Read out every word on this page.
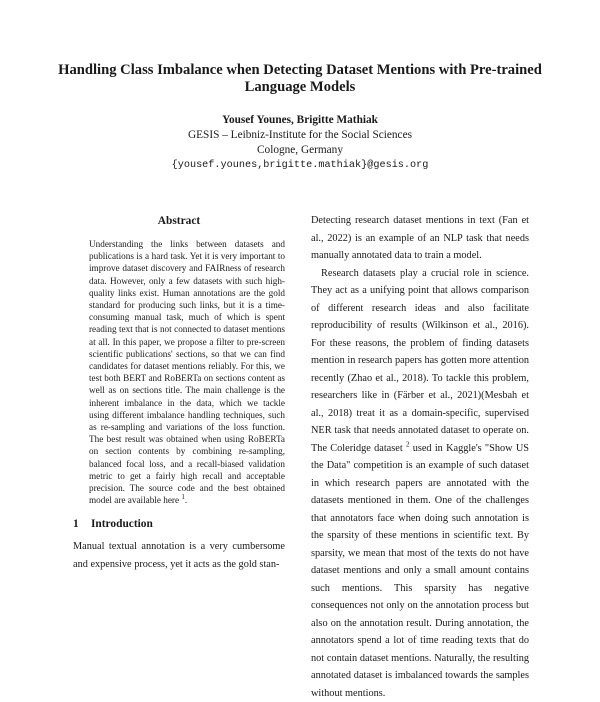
Handling Class Imbalance when Detecting Dataset Mentions with Pre-trained Language Models
Yousef Younes, Brigitte Mathiak
GESIS – Leibniz-Institute for the Social Sciences
Cologne, Germany
{yousef.younes,brigitte.mathiak}@gesis.org
Abstract

Understanding the links between datasets and publications is a hard task. Yet it is very important to improve dataset discovery and FAIRness of research data. However, only a few datasets with such high-quality links exist. Human annotations are the gold standard for producing such links, but it is a time-consuming manual task, much of which is spent reading text that is not connected to dataset mentions at all. In this paper, we propose a filter to pre-screen scientific publications' sections, so that we can find candidates for dataset mentions reliably. For this, we test both BERT and RoBERTa on sections content as well as on sections title. The main challenge is the inherent imbalance in the data, which we tackle using different imbalance handling techniques, such as re-sampling and variations of the loss function. The best result was obtained when using RoBERTa on section contents by combining re-sampling, balanced focal loss, and a recall-biased validation metric to get a fairly high recall and acceptable precision. The source code and the best obtained model are available here $^1$.

1 Introduction

Manual textual annotation is a very cumbersome and expensive process, yet it acts as the gold stan-

Detecting research dataset mentions in text (Fan et al., 2022) is an example of an NLP task that needs manually annotated data to train a model.

Research datasets play a crucial role in science. They act as a unifying point that allows comparison of different research ideas and also facilitate reproducibility of results (Wilkinson et al., 2016). For these reasons, the problem of finding datasets mention in research papers has gotten more attention recently (Zhao et al., 2018). To tackle this problem, researchers like in (Färber et al., 2021)(Mesbah et al., 2018) treat it as a domain-specific, supervised NER task that needs annotated dataset to operate on. The Coleridge dataset $^2$ used in Kaggle's "Show US the Data" competition is an example of such dataset in which research papers are annotated with the datasets mentioned in them. One of the challenges that annotators face when doing such annotation is the sparsity of these mentions in scientific text. By sparsity, we mean that most of the texts do not have dataset mentions and only a small amount contains such mentions. This sparsity has negative consequences not only on the annotation process but also on the annotation result. During annotation, the annotators spend a lot of time reading texts that do not contain dataset mentions. Naturally, the resulting annotated dataset is imbalanced towards the samples without mentions.
